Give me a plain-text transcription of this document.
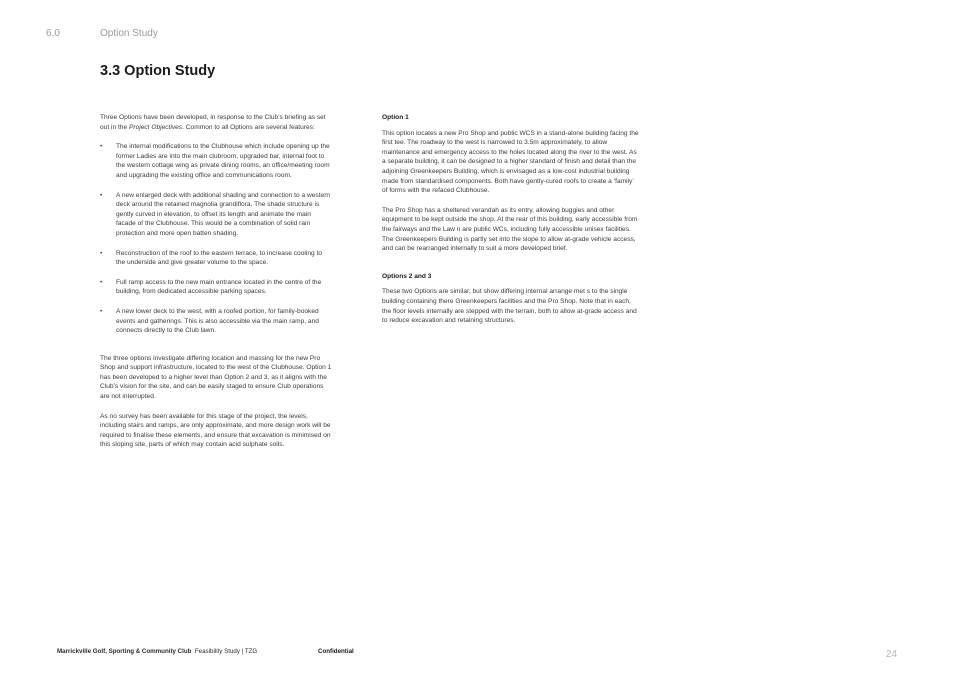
6.0	Option Study
3.3 Option Study

Three Options have been developed, in response to the Club’s briefing as set out in the Project Objectives. Common to all Options are several features:

• The internal modifications to the Clubhouse which include opening up the former Ladies are into the main clubroom, upgraded bar, internal foot to the western cottage wing as private dining rooms, an office/meeting room and upgrading the existing office and communications room.
• A new enlarged deck with additional shading and connection to a western deck around the retained magnolia grandiflora. The shade structure is gently curved in elevation, to offset its length and animate the main facade of the Clubhouse. This would be a combination of solid rain protection and more open batten shading.
• Reconstruction of the roof to the eastern terrace, to increase cooling to the underside and give greater volume to the space.
• Full ramp access to the new main entrance located in the centre of the building, from dedicated accessible parking spaces.
• A new lower deck to the west, with a roofed portion, for family-booked events and gatherings. This is also accessible via the main ramp, and connects directly to the Club lawn.

The three options investigate differing location and massing for the new Pro Shop and support infrastructure, located to the west of the Clubhouse. Option 1 has been developed to a higher level than Option 2 and 3, as it aligns with the Club’s vision for the site, and can be easily staged to ensure Club operations are not interrupted.

As no survey has been available for this stage of the project, the levels, including stairs and ramps, are only approximate, and more design work will be required to finalise these elements, and ensure that excavation is minimised on this sloping site, parts of which may contain acid sulphate soils.

Option 1

This option locates a new Pro Shop and public WCS in a stand-alone building facing the first tee. The roadway to the west is narrowed to 3.5m approximately, to allow maintenance and emergency access to the holes located along the river to the west. As a separate building, it can be designed to a higher standard of finish and detail than the adjoining Greenkeepers Building, which is envisaged as a low-cost industrial building made from standardised components. Both have gently-cured roofs to create a ‘family’ of forms with the refaced Clubhouse.

The Pro Shop has a sheltered verandah as its entry, allowing buggies and other equipment to be kept outside the shop. At the rear of this building, early accessible from the fairways and the Law n are public WCs, including fully accessible unisex facilities. The Greenkeepers Building is partly set into the slope to allow at-grade vehicle access, and can be rearranged internally to suit a more developed brief.

Options 2 and 3

These two Options are similar, but show differing internal arrange met s to the single building containing there Greenkeepers facilities and the Pro Shop. Note that in each, the floor levels internally are stepped with the terrain, both to allow at-grade access and to reduce excavation and retaining structures.

Marrickville Golf, Sporting & Community Club Feasibility Study | TZG	Confidential	24
